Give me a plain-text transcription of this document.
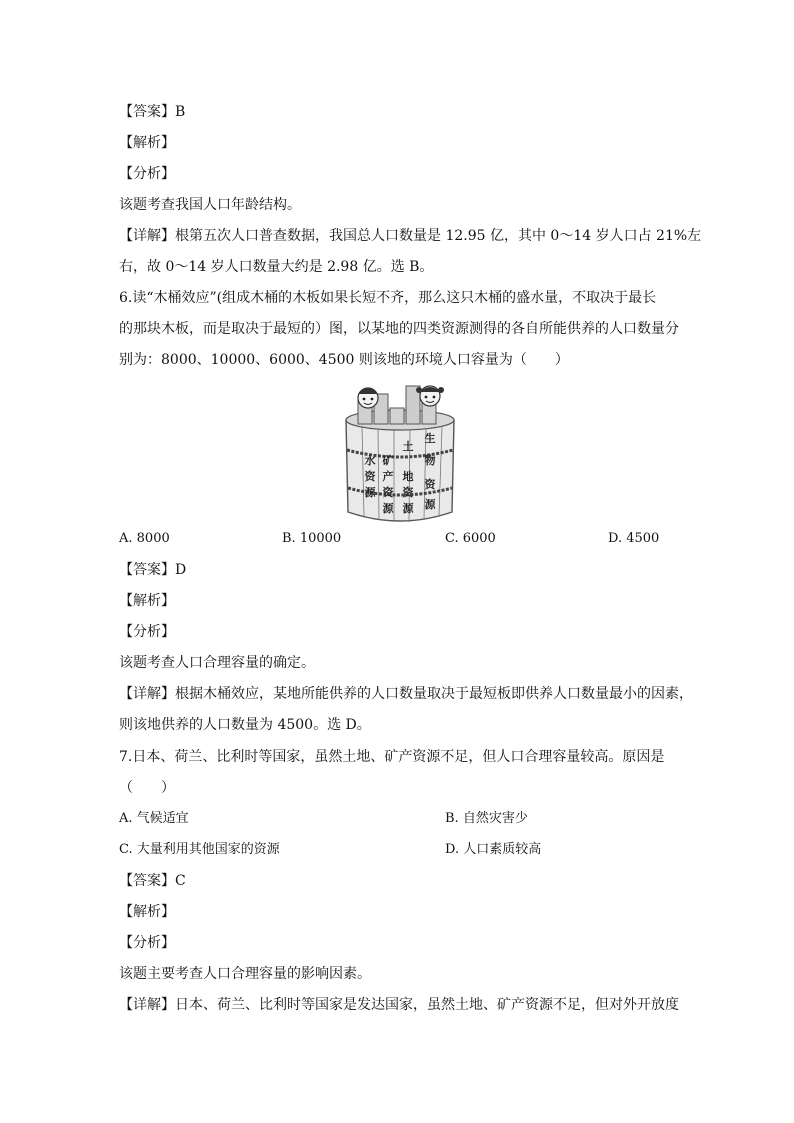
【答案】B
【解析】
【分析】
该题考查我国人口年龄结构。
【详解】根第五次人口普查数据，我国总人口数量是 12.95 亿，其中 0～14 岁人口占 21%左
右，故 0～14 岁人口数量大约是 2.98 亿。选 B。
6.读“木桶效应”(组成木桶的木板如果长短不齐，那么这只木桶的盛水量，不取决于最长
的那块木板，而是取决于最短的）图，以某地的四类资源测得的各自所能供养的人口数量分
别为：8000、10000、6000、4500 则该地的环境人口容量为（　　）
水
资
源
矿
产
资
源
土
地
资
源
生
物
资
源
A. 8000	B. 10000	C. 6000	D. 4500
【答案】D
【解析】
【分析】
该题考查人口合理容量的确定。
【详解】根据木桶效应，某地所能供养的人口数量取决于最短板即供养人口数量最小的因素，
则该地供养的人口数量为 4500。选 D。
7.日本、荷兰、比利时等国家，虽然土地、矿产资源不足，但人口合理容量较高。原因是
（　　）
A. 气候适宜	B. 自然灾害少
C. 大量利用其他国家的资源	D. 人口素质较高
【答案】C
【解析】
【分析】
该题主要考查人口合理容量的影响因素。
【详解】日本、荷兰、比利时等国家是发达国家，虽然土地、矿产资源不足，但对外开放度
